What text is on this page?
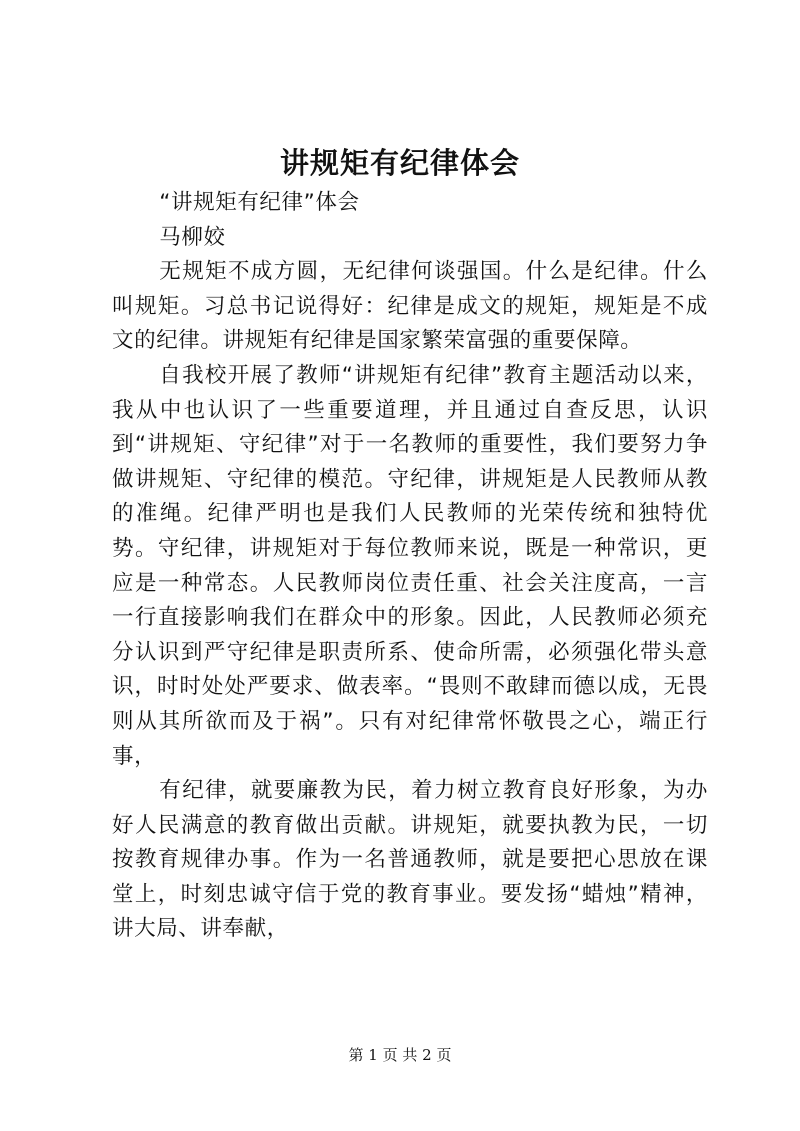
讲规矩有纪律体会

“讲规矩有纪律”体会

马柳姣

无规矩不成方圆，无纪律何谈强国。什么是纪律。什么叫规矩。习总书记说得好：纪律是成文的规矩，规矩是不成文的纪律。讲规矩有纪律是国家繁荣富强的重要保障。

自我校开展了教师“讲规矩有纪律”教育主题活动以来，我从中也认识了一些重要道理，并且通过自查反思，认识到“讲规矩、守纪律”对于一名教师的重要性，我们要努力争做讲规矩、守纪律的模范。守纪律，讲规矩是人民教师从教的准绳。纪律严明也是我们人民教师的光荣传统和独特优势。守纪律，讲规矩对于每位教师来说，既是一种常识，更应是一种常态。人民教师岗位责任重、社会关注度高，一言一行直接影响我们在群众中的形象。因此，人民教师必须充分认识到严守纪律是职责所系、使命所需，必须强化带头意识，时时处处严要求、做表率。“畏则不敢肆而德以成，无畏则从其所欲而及于祸”。只有对纪律常怀敬畏之心，端正行事，

有纪律，就要廉教为民，着力树立教育良好形象，为办好人民满意的教育做出贡献。讲规矩，就要执教为民，一切按教育规律办事。作为一名普通教师，就是要把心思放在课堂上，时刻忠诚守信于党的教育事业。要发扬“蜡烛”精神，讲大局、讲奉献，

第 1 页 共 2 页
